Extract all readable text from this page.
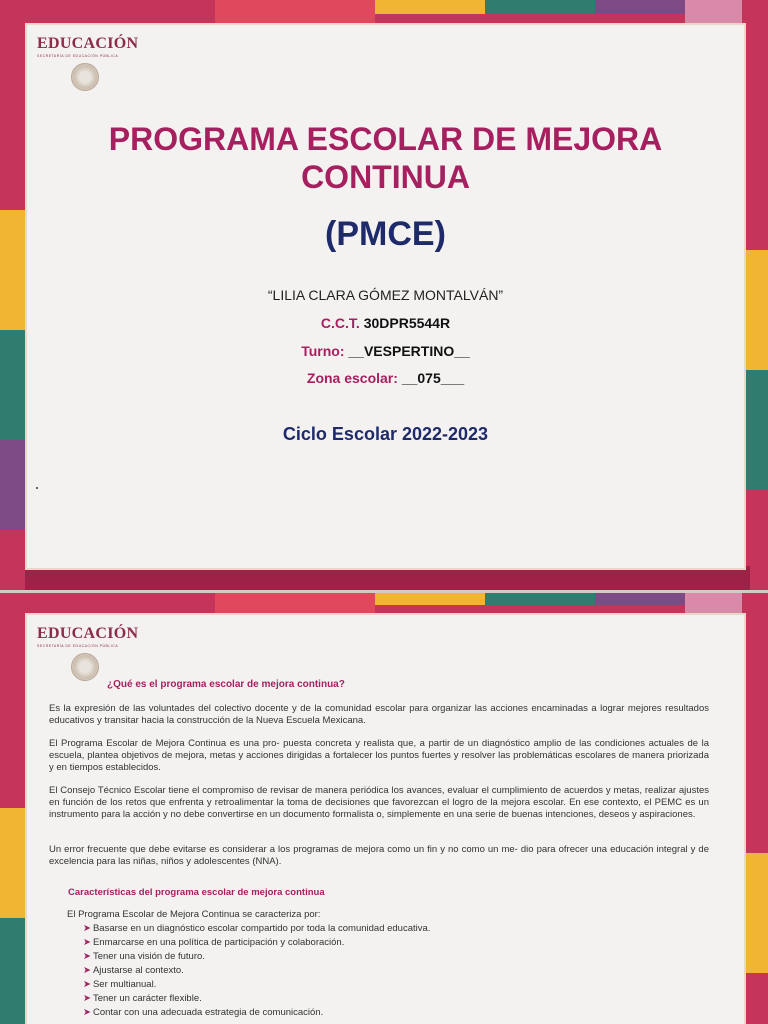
EDUCACIÓN
SECRETARÍA DE EDUCACIÓN PÚBLICA
PROGRAMA ESCOLAR DE MEJORA CONTINUA
(PMCE)
“LILIA CLARA GÓMEZ MONTALVÁN”
C.C.T. 30DPR5544R
Turno: __VESPERTINO__
Zona escolar: __075___
Ciclo Escolar 2022-2023
EDUCACIÓN
SECRETARÍA DE EDUCACIÓN PÚBLICA
¿Qué es el programa escolar de mejora continua?
Es la expresión de las voluntades del colectivo docente y de la comunidad escolar para organizar las acciones encaminadas a lograr mejores resultados educativos y transitar hacia la construcción de la Nueva Escuela Mexicana.
El Programa Escolar de Mejora Continua es una pro- puesta concreta y realista que, a partir de un diagnóstico amplio de las condiciones actuales de la escuela, plantea objetivos de mejora, metas y acciones dirigidas a fortalecer los puntos fuertes y resolver las problemáticas escolares de manera priorizada y en tiempos establecidos.
El Consejo Técnico Escolar tiene el compromiso de revisar de manera periódica los avances, evaluar el cumplimiento de acuerdos y metas, realizar ajustes en función de los retos que enfrenta y retroalimentar la toma de decisiones que favorezcan el logro de la mejora escolar. En ese contexto, el PEMC es un instrumento para la acción y no debe convertirse en un documento formalista o, simplemente en una serie de buenas intenciones, deseos y aspiraciones.
Un error frecuente que debe evitarse es considerar a los programas de mejora como un fin y no como un me- dio para ofrecer una educación integral y de excelencia para las niñas, niños y adolescentes (NNA).
Características del programa escolar de mejora continua
El Programa Escolar de Mejora Continua se caracteriza por:
➤ Basarse en un diagnóstico escolar compartido por toda la comunidad educativa.
➤ Enmarcarse en una política de participación y colaboración.
➤ Tener una visión de futuro.
➤ Ajustarse al contexto.
➤ Ser multianual.
➤ Tener un carácter flexible.
➤ Contar con una adecuada estrategia de comunicación.
